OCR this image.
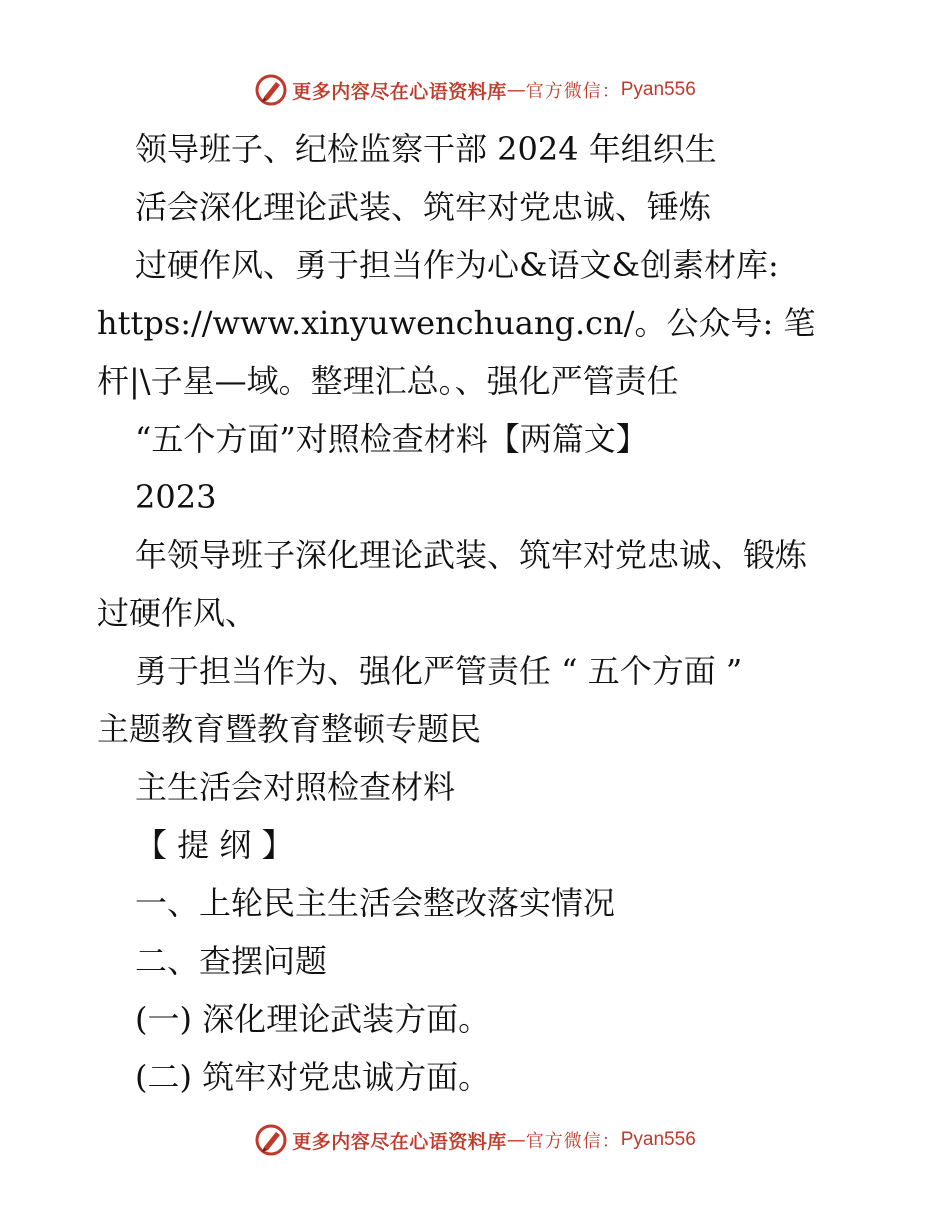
更多内容尽在心语资料库 — 官方微信： Pyan556
领导班子、纪检监察干部 2024 年组织生
活会深化理论武装、筑牢对党忠诚、锤炼
过硬作风、勇于担当作为心&语文&创素材库:
https://www.xinyuwenchuang.cn/。公众号: 笔
杆|\子星—域。整理汇总。、强化严管责任
“五个方面”对照检查材料【两篇文】
2023
年领导班子深化理论武装、筑牢对党忠诚、锻炼
过硬作风、
勇于担当作为、强化严管责任 “ 五个方面 ”
主题教育暨教育整顿专题民
主生活会对照检查材料
【 提 纲 】
一、上轮民主生活会整改落实情况
二、查摆问题
(一) 深化理论武装方面。
(二) 筑牢对党忠诚方面。
更多内容尽在心语资料库 — 官方微信： Pyan556
